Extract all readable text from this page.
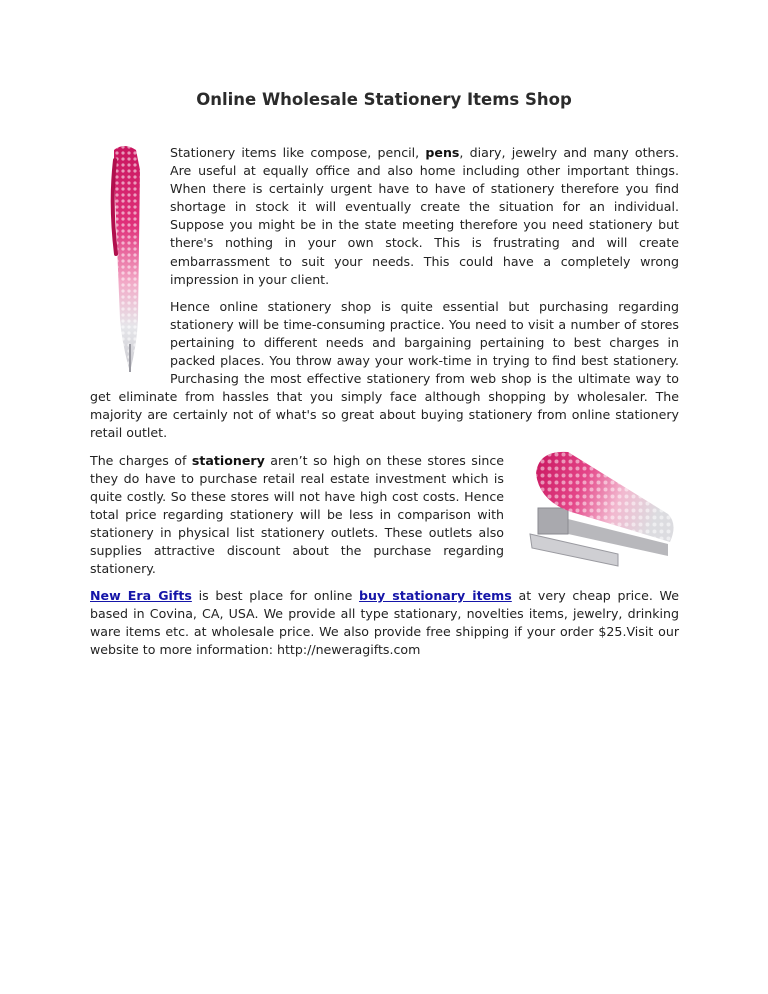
Online Wholesale Stationery Items Shop

Stationery items like compose, pencil, pens, diary, jewelry and many others. Are useful at equally office and also home including other important things. When there is certainly urgent have to have of stationery therefore you find shortage in stock it will eventually create the situation for an individual. Suppose you might be in the state meeting therefore you need stationery but there's nothing in your own stock. This is frustrating and will create embarrassment to suit your needs. This could have a completely wrong impression in your client.

Hence online stationery shop is quite essential but purchasing regarding stationery will be time-consuming practice. You need to visit a number of stores pertaining to different needs and bargaining pertaining to best charges in packed places. You throw away your work-time in trying to find best stationery. Purchasing the most effective stationery from web shop is the ultimate way to get eliminate from hassles that you simply face although shopping by wholesaler. The majority are certainly not of what's so great about buying stationery from online stationery retail outlet.

The charges of stationery aren’t so high on these stores since they do have to purchase retail real estate investment which is quite costly. So these stores will not have high cost costs. Hence total price regarding stationery will be less in comparison with stationery in physical list stationery outlets. These outlets also supplies attractive discount about the purchase regarding stationery.

New Era Gifts is best place for online buy stationary items at very cheap price. We based in Covina, CA, USA. We provide all type stationary, novelties items, jewelry, drinking ware items etc. at wholesale price. We also provide free shipping if your order $25.Visit our website to more information: http://neweragifts.com
